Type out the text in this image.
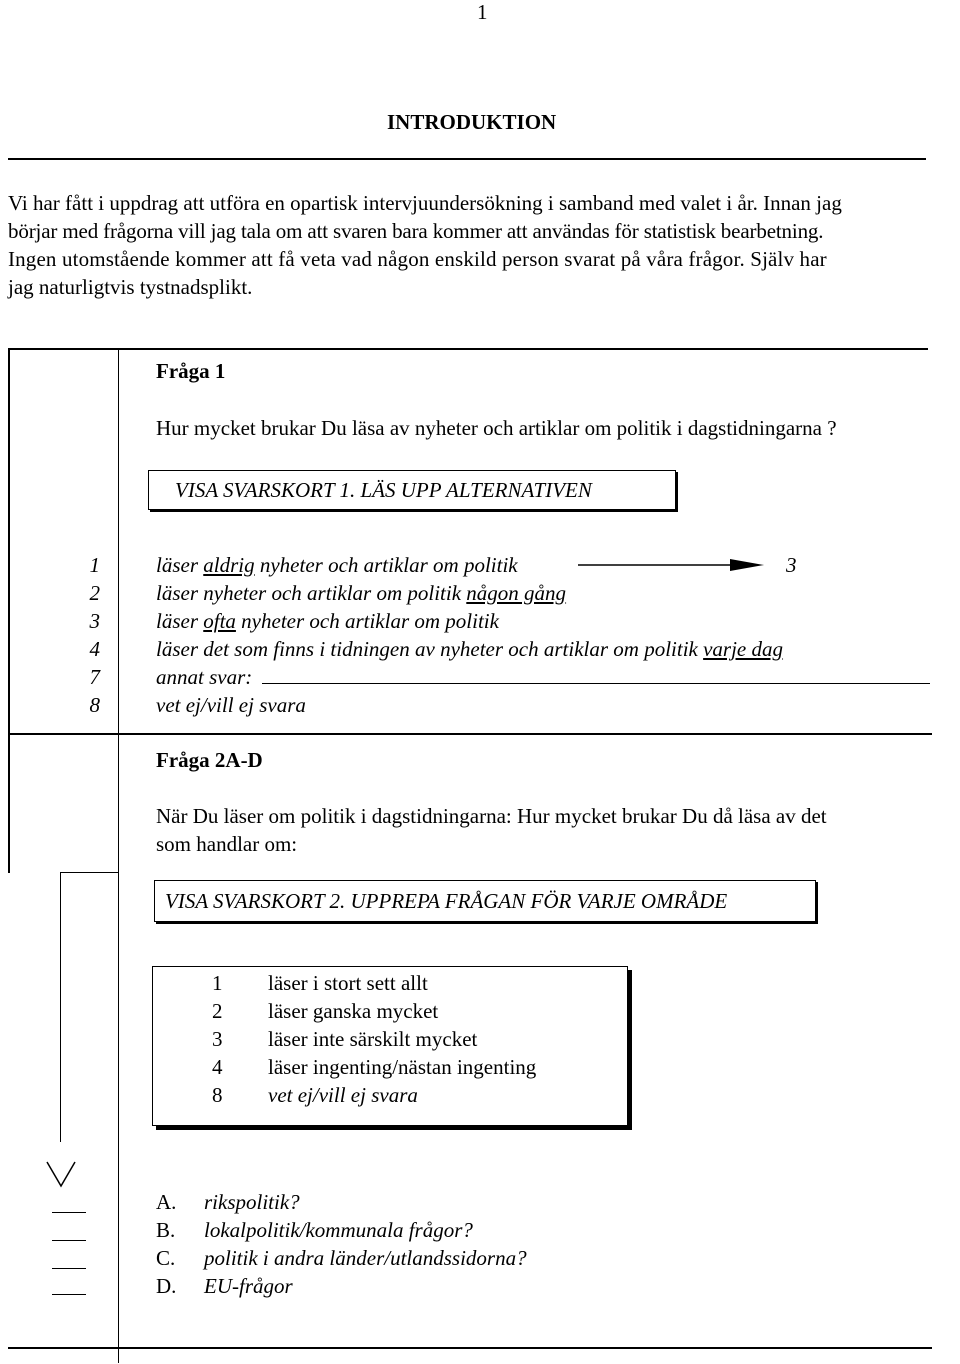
1
INTRODUKTION
Vi har fått i uppdrag att utföra en opartisk intervjuundersökning i samband med valet i år. Innan jag
börjar med frågorna vill jag tala om att svaren bara kommer att användas för statistisk bearbetning.
Ingen utomstående kommer att få veta vad någon enskild person svarat på våra frågor. Själv har
jag naturligtvis tystnadsplikt.
Fråga 1
Hur mycket brukar Du läsa av nyheter och artiklar om politik i dagstidningarna ?
VISA SVARSKORT 1. LÄS UPP ALTERNATIVEN
1	läser aldrig nyheter och artiklar om politik
2	läser nyheter och artiklar om politik någon gång
3	läser ofta nyheter och artiklar om politik
4	läser det som finns i tidningen av nyheter och artiklar om politik varje dag
7	annat svar:
8	vet ej/vill ej svara
3
Fråga 2A-D
När Du läser om politik i dagstidningarna: Hur mycket brukar Du då läsa av det
som handlar om:
VISA SVARSKORT 2. UPPREPA FRÅGAN FÖR VARJE OMRÅDE
1 läser i stort sett allt
2 läser ganska mycket
3 läser inte särskilt mycket
4 läser ingenting/nästan ingenting
8 vet ej/vill ej svara
A. rikspolitik?
B. lokalpolitik/kommunala frågor?
C. politik i andra länder/utlandssidorna?
D. EU-frågor
